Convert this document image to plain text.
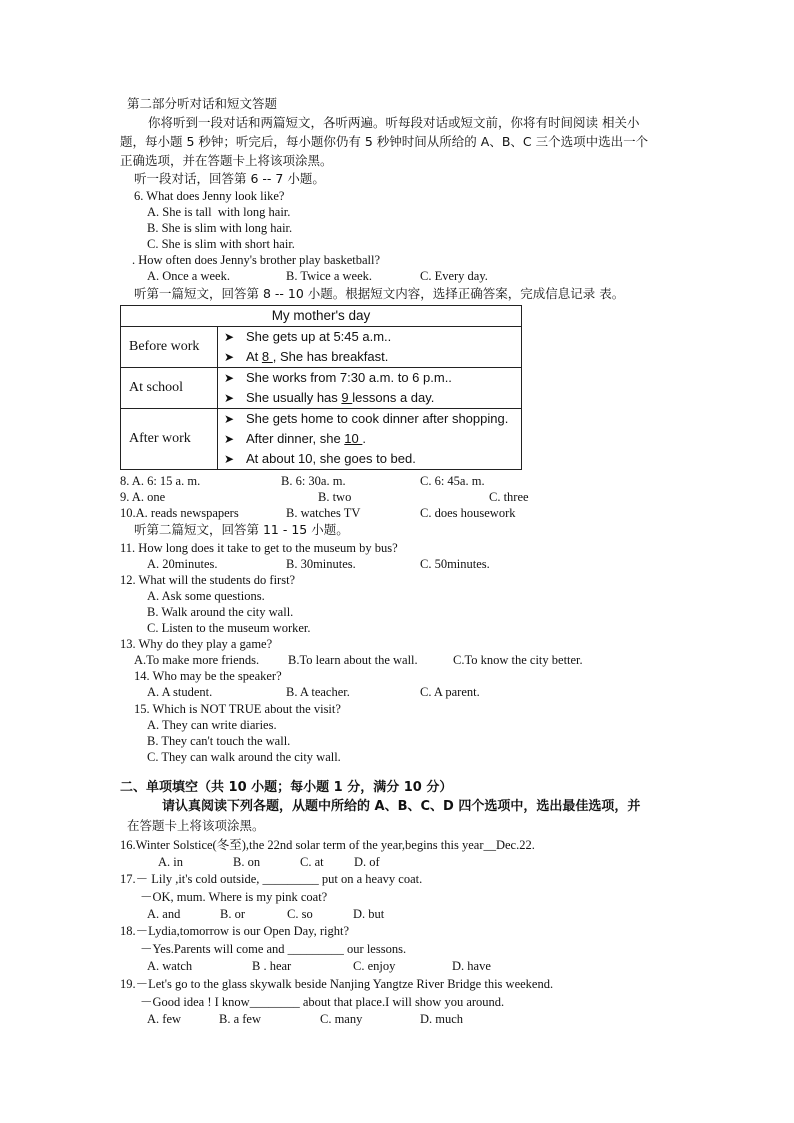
第二部分听对话和短文答题
你将听到一段对话和两篇短文，各听两遍。听每段对话或短文前，你将有时间阅读 相关小
题，每小题 5 秒钟；听完后，每小题你仍有 5 秒钟时间从所给的 A、B、C 三个选项中选出一个
正确选项，并在答题卡上将该项涂黑。
听一段对话，回答第 6 -- 7 小题。
6. What does Jenny look like?
A. She is tall  with long hair.
B. She is slim with long hair.
C. She is slim with short hair.
. How often does Jenny's brother play basketball?
A. Once a week.	B. Twice a week.	C. Every day.
听第一篇短文，回答第 8 -- 10 小题。根据短文内容，选择正确答案，完成信息记录 表。
My mother's day	
Before work	➤ She gets up at 5:45 a.m..
➤ At 8 , She has breakfast.

At school	➤ She works from 7:30 a.m. to 6 p.m..
➤ She usually has 9 lessons a day.

After work	➤ She gets home to cook dinner after shopping.
➤ After dinner, she 10 .
➤ At about 10, she goes to bed.
8. A. 6: 15 a. m.	B. 6: 30a. m.	C. 6: 45a. m.
9. A. one	B. two	C. three
10.A. reads newspapers	B. watches TV	C. does housework
听第二篇短文，回答第 11 - 15 小题。
11. How long does it take to get to the museum by bus?
A. 20minutes.	B. 30minutes.	C. 50minutes.
12. What will the students do first?
A. Ask some questions.
B. Walk around the city wall.
C. Listen to the museum worker.
13. Why do they play a game?
A.To make more friends. B.To learn about the wall.	C.To know the city better.
14. Who may be the speaker?
A. A student.	B. A teacher.	C. A parent.
15. Which is NOT TRUE about the visit?
A. They can write diaries.
B. They can't touch the wall.
C. They can walk around the city wall.
二、单项填空（共 10 小题；每小题 1 分，满分 10 分）
请认真阅读下列各题，从题中所给的 A、B、C、D 四个选项中，选出最佳选项，并
在答题卡上将该项涂黑。
16.Winter Solstice(冬至),the 22nd solar term of the year,begins this year__Dec.22.
A. in	B. on	C. at D. of
17.－ Lily ,it's cold outside, _________ put on a heavy coat.
－OK, mum. Where is my pink coat?
A. and	B. or	C. so	D. but
18.－Lydia,tomorrow is our Open Day, right?
－Yes.Parents will come and _________ our lessons.
A. watch	B . hear	C. enjoy	D. have
19.－Let's go to the glass skywalk beside Nanjing Yangtze River Bridge this weekend.
－Good idea ! I know________ about that place.I will show you around.
A. few	B. a few	C. many	D. much
